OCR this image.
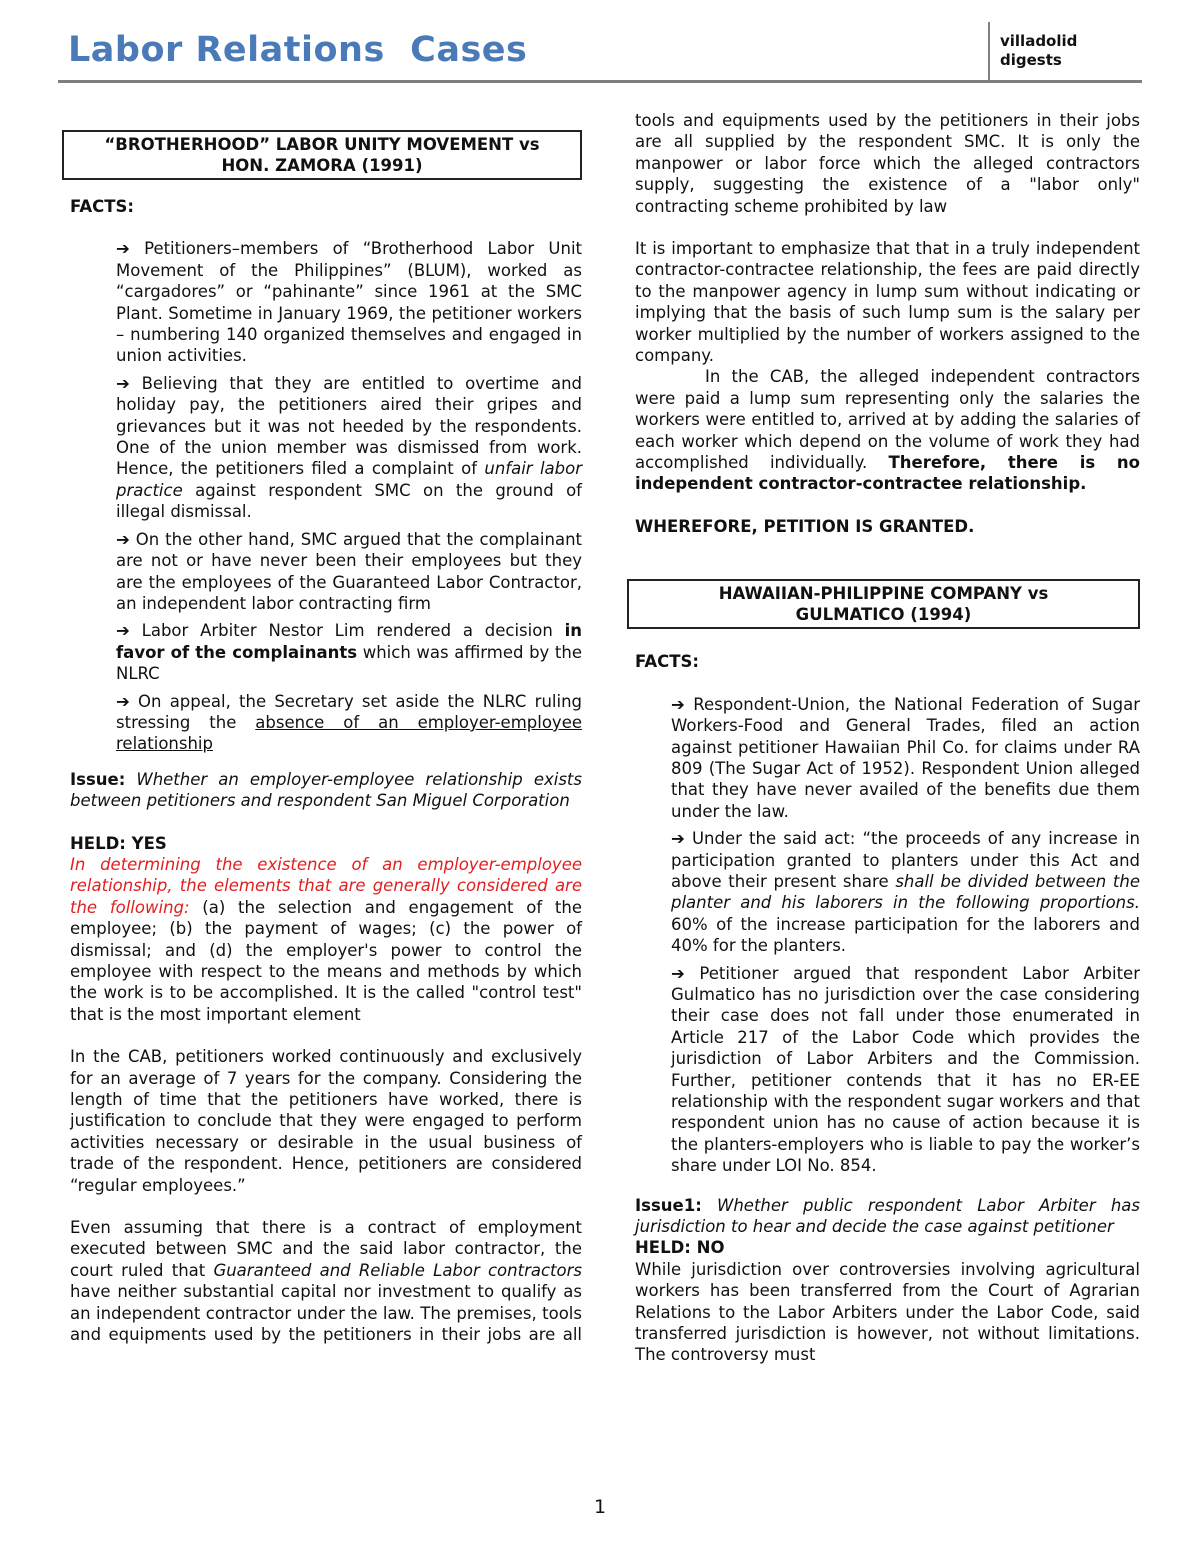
Labor Relations  Cases	villadolid
digests
“BROTHERHOOD” LABOR UNITY MOVEMENT vs
HON. ZAMORA (1991)
FACTS:
➔ Petitioners–members of “Brotherhood Labor Unit Movement of the Philippines” (BLUM), worked as “cargadores” or “pahinante” since 1961 at the SMC Plant. Sometime in January 1969, the petitioner workers – numbering 140 organized themselves and engaged in union activities.
➔ Believing that they are entitled to overtime and holiday pay, the petitioners aired their gripes and grievances but it was not heeded by the respondents. One of the union member was dismissed from work. Hence, the petitioners filed a complaint of unfair labor practice against respondent SMC on the ground of illegal dismissal.
➔ On the other hand, SMC argued that the complainant are not or have never been their employees but they are the employees of the Guaranteed Labor Contractor, an independent labor contracting firm
➔ Labor Arbiter Nestor Lim rendered a decision in favor of the complainants which was affirmed by the NLRC
➔ On appeal, the Secretary set aside the NLRC ruling stressing the absence of an employer-employee relationship

Issue: Whether an employer-employee relationship exists between petitioners and respondent San Miguel Corporation

HELD: YES

In determining the existence of an employer-employee relationship, the elements that are generally considered are the following: (a) the selection and engagement of the employee; (b) the payment of wages; (c) the power of dismissal; and (d) the employer's power to control the employee with respect to the means and methods by which the work is to be accomplished. It is the called "control test" that is the most important element

In the CAB, petitioners worked continuously and exclusively for an average of 7 years for the company. Considering the length of time that the petitioners have worked, there is justification to conclude that they were engaged to perform activities necessary or desirable in the usual business of trade of the respondent. Hence, petitioners are considered “regular employees.”

Even assuming that there is a contract of employment executed between SMC and the said labor contractor, the court ruled that Guaranteed and Reliable Labor contractors have neither substantial capital nor investment to qualify as an independent contractor under the law. The premises, tools and equipments used by the petitioners in their jobs are all

tools and equipments used by the petitioners in their jobs are all supplied by the respondent SMC. It is only the manpower or labor force which the alleged contractors supply, suggesting the existence of a "labor only" contracting scheme prohibited by law

It is important to emphasize that that in a truly independent contractor-contractee relationship, the fees are paid directly to the manpower agency in lump sum without indicating or implying that the basis of such lump sum is the salary per worker multiplied by the number of workers assigned to the company.

In the CAB, the alleged independent contractors were paid a lump sum representing only the salaries the workers were entitled to, arrived at by adding the salaries of each worker which depend on the volume of work they had accomplished individually. Therefore, there is no independent contractor-contractee relationship.

WHEREFORE, PETITION IS GRANTED.
HAWAIIAN-PHILIPPINE COMPANY vs
GULMATICO (1994)
FACTS:
➔ Respondent-Union, the National Federation of Sugar Workers-Food and General Trades, filed an action against petitioner Hawaiian Phil Co. for claims under RA 809 (The Sugar Act of 1952). Respondent Union alleged that they have never availed of the benefits due them under the law.
➔ Under the said act: “the proceeds of any increase in participation granted to planters under this Act and above their present share shall be divided between the planter and his laborers in the following proportions. 60% of the increase participation for the laborers and 40% for the planters.
➔ Petitioner argued that respondent Labor Arbiter Gulmatico has no jurisdiction over the case considering their case does not fall under those enumerated in Article 217 of the Labor Code which provides the jurisdiction of Labor Arbiters and the Commission. Further, petitioner contends that it has no ER-EE relationship with the respondent sugar workers and that respondent union has no cause of action because it is the planters-employers who is liable to pay the worker’s share under LOI No. 854.

Issue1: Whether public respondent Labor Arbiter has jurisdiction to hear and decide the case against petitioner

HELD: NO

While jurisdiction over controversies involving agricultural workers has been transferred from the Court of Agrarian Relations to the Labor Arbiters under the Labor Code, said transferred jurisdiction is however, not without limitations. The controversy must

1
